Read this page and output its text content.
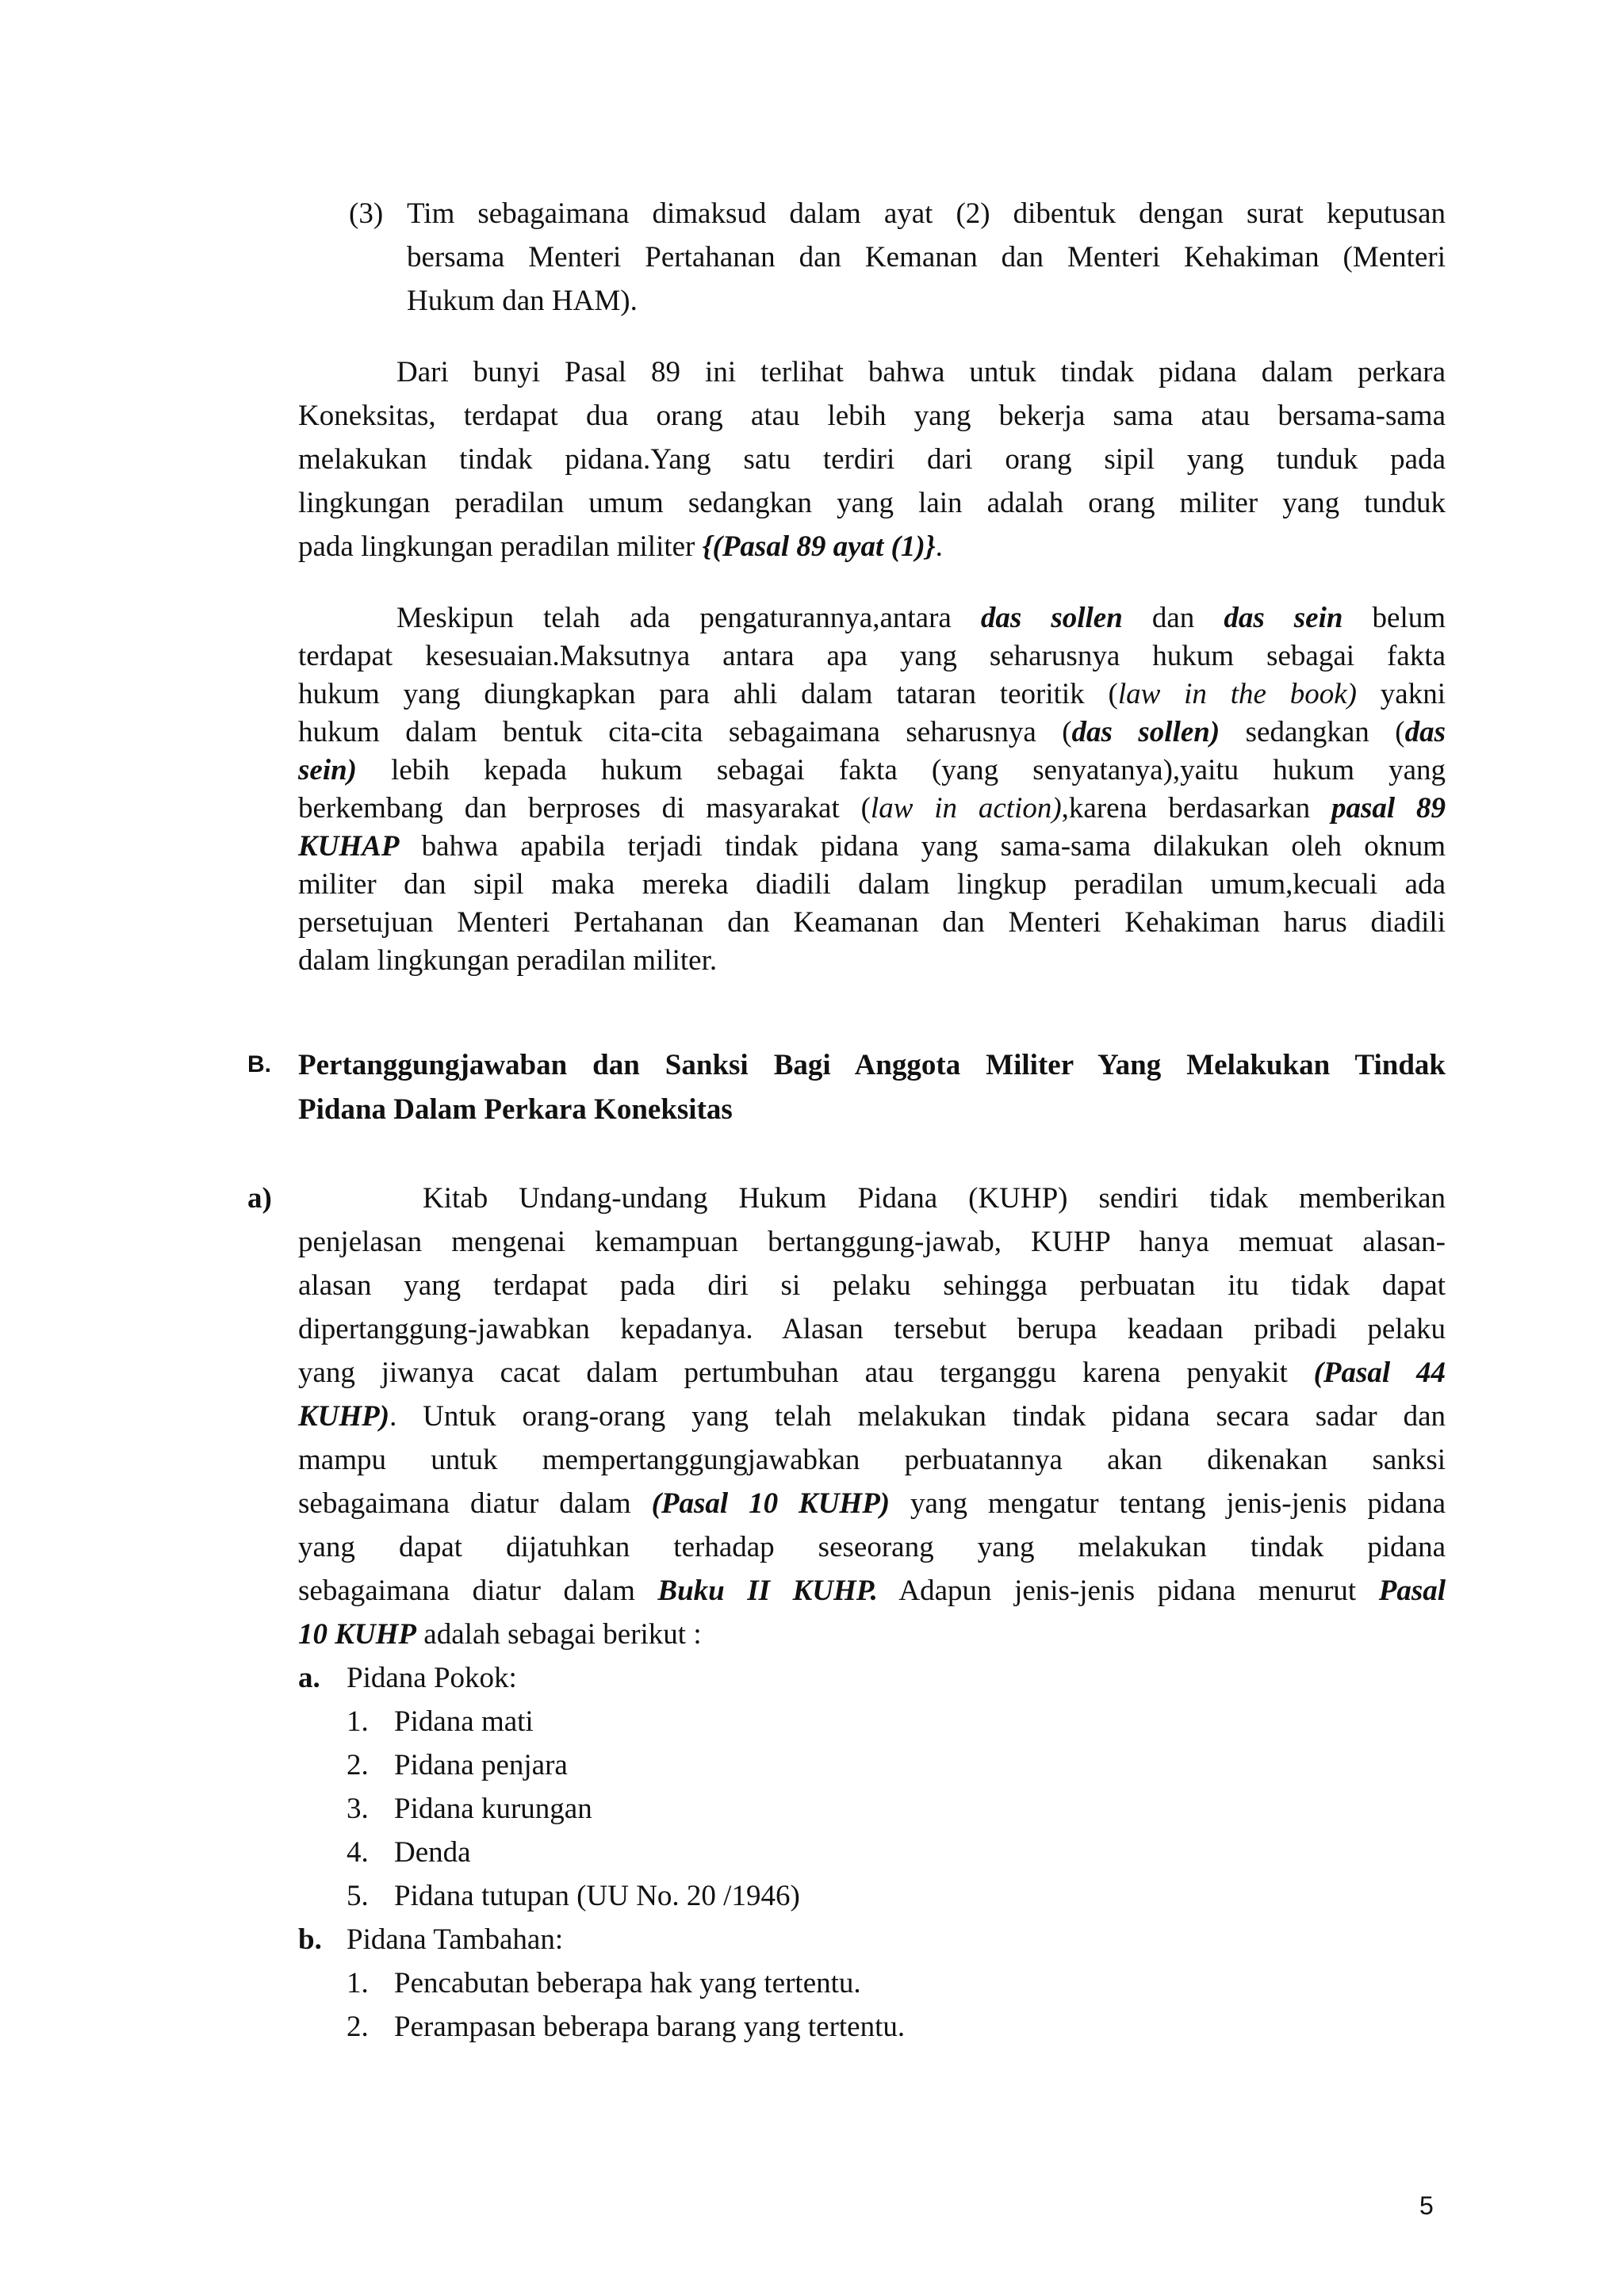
(3) Tim sebagaimana dimaksud dalam ayat (2) dibentuk dengan surat keputusan
bersama Menteri Pertahanan dan Kemanan dan Menteri Kehakiman (Menteri
Hukum dan HAM).
Dari bunyi Pasal 89 ini terlihat bahwa untuk tindak pidana dalam perkara
Koneksitas, terdapat dua orang atau lebih yang bekerja sama atau bersama-sama
melakukan tindak pidana.Yang satu terdiri dari orang sipil yang tunduk pada
lingkungan peradilan umum sedangkan yang lain adalah orang militer yang tunduk
pada lingkungan peradilan militer {(Pasal 89 ayat (1)}.
Meskipun telah ada pengaturannya,antara das sollen dan das sein belum
terdapat kesesuaian.Maksutnya antara apa yang seharusnya hukum sebagai fakta
hukum yang diungkapkan para ahli dalam tataran teoritik (law in the book) yakni
hukum dalam bentuk cita-cita sebagaimana seharusnya (das sollen) sedangkan (das
sein) lebih kepada hukum sebagai fakta (yang senyatanya),yaitu hukum yang
berkembang dan berproses di masyarakat (law in action),karena berdasarkan pasal 89
KUHAP bahwa apabila terjadi tindak pidana yang sama-sama dilakukan oleh oknum
militer dan sipil maka mereka diadili dalam lingkup peradilan umum,kecuali ada
persetujuan Menteri Pertahanan dan Keamanan dan Menteri Kehakiman harus diadili
dalam lingkungan peradilan militer.
B. Pertanggungjawaban dan Sanksi Bagi Anggota Militer Yang Melakukan Tindak
Pidana Dalam Perkara Koneksitas
a)	Kitab Undang-undang Hukum Pidana (KUHP) sendiri tidak memberikan
penjelasan mengenai kemampuan bertanggung-jawab, KUHP hanya memuat alasan-
alasan yang terdapat pada diri si pelaku sehingga perbuatan itu tidak dapat
dipertanggung-jawabkan kepadanya. Alasan tersebut berupa keadaan pribadi pelaku
yang jiwanya cacat dalam pertumbuhan atau terganggu karena penyakit (Pasal 44
KUHP). Untuk orang-orang yang telah melakukan tindak pidana secara sadar dan
mampu untuk mempertanggungjawabkan perbuatannya akan dikenakan sanksi
sebagaimana diatur dalam (Pasal 10 KUHP) yang mengatur tentang jenis-jenis pidana
yang dapat dijatuhkan terhadap seseorang yang melakukan tindak pidana
sebagaimana diatur dalam Buku II KUHP. Adapun jenis-jenis pidana menurut Pasal
10 KUHP adalah sebagai berikut :
a. Pidana Pokok:
1. Pidana mati
2. Pidana penjara
3. Pidana kurungan
4. Denda
5. Pidana tutupan (UU No. 20 /1946)
b. Pidana Tambahan:
1. Pencabutan beberapa hak yang tertentu.
2. Perampasan beberapa barang yang tertentu.
5
